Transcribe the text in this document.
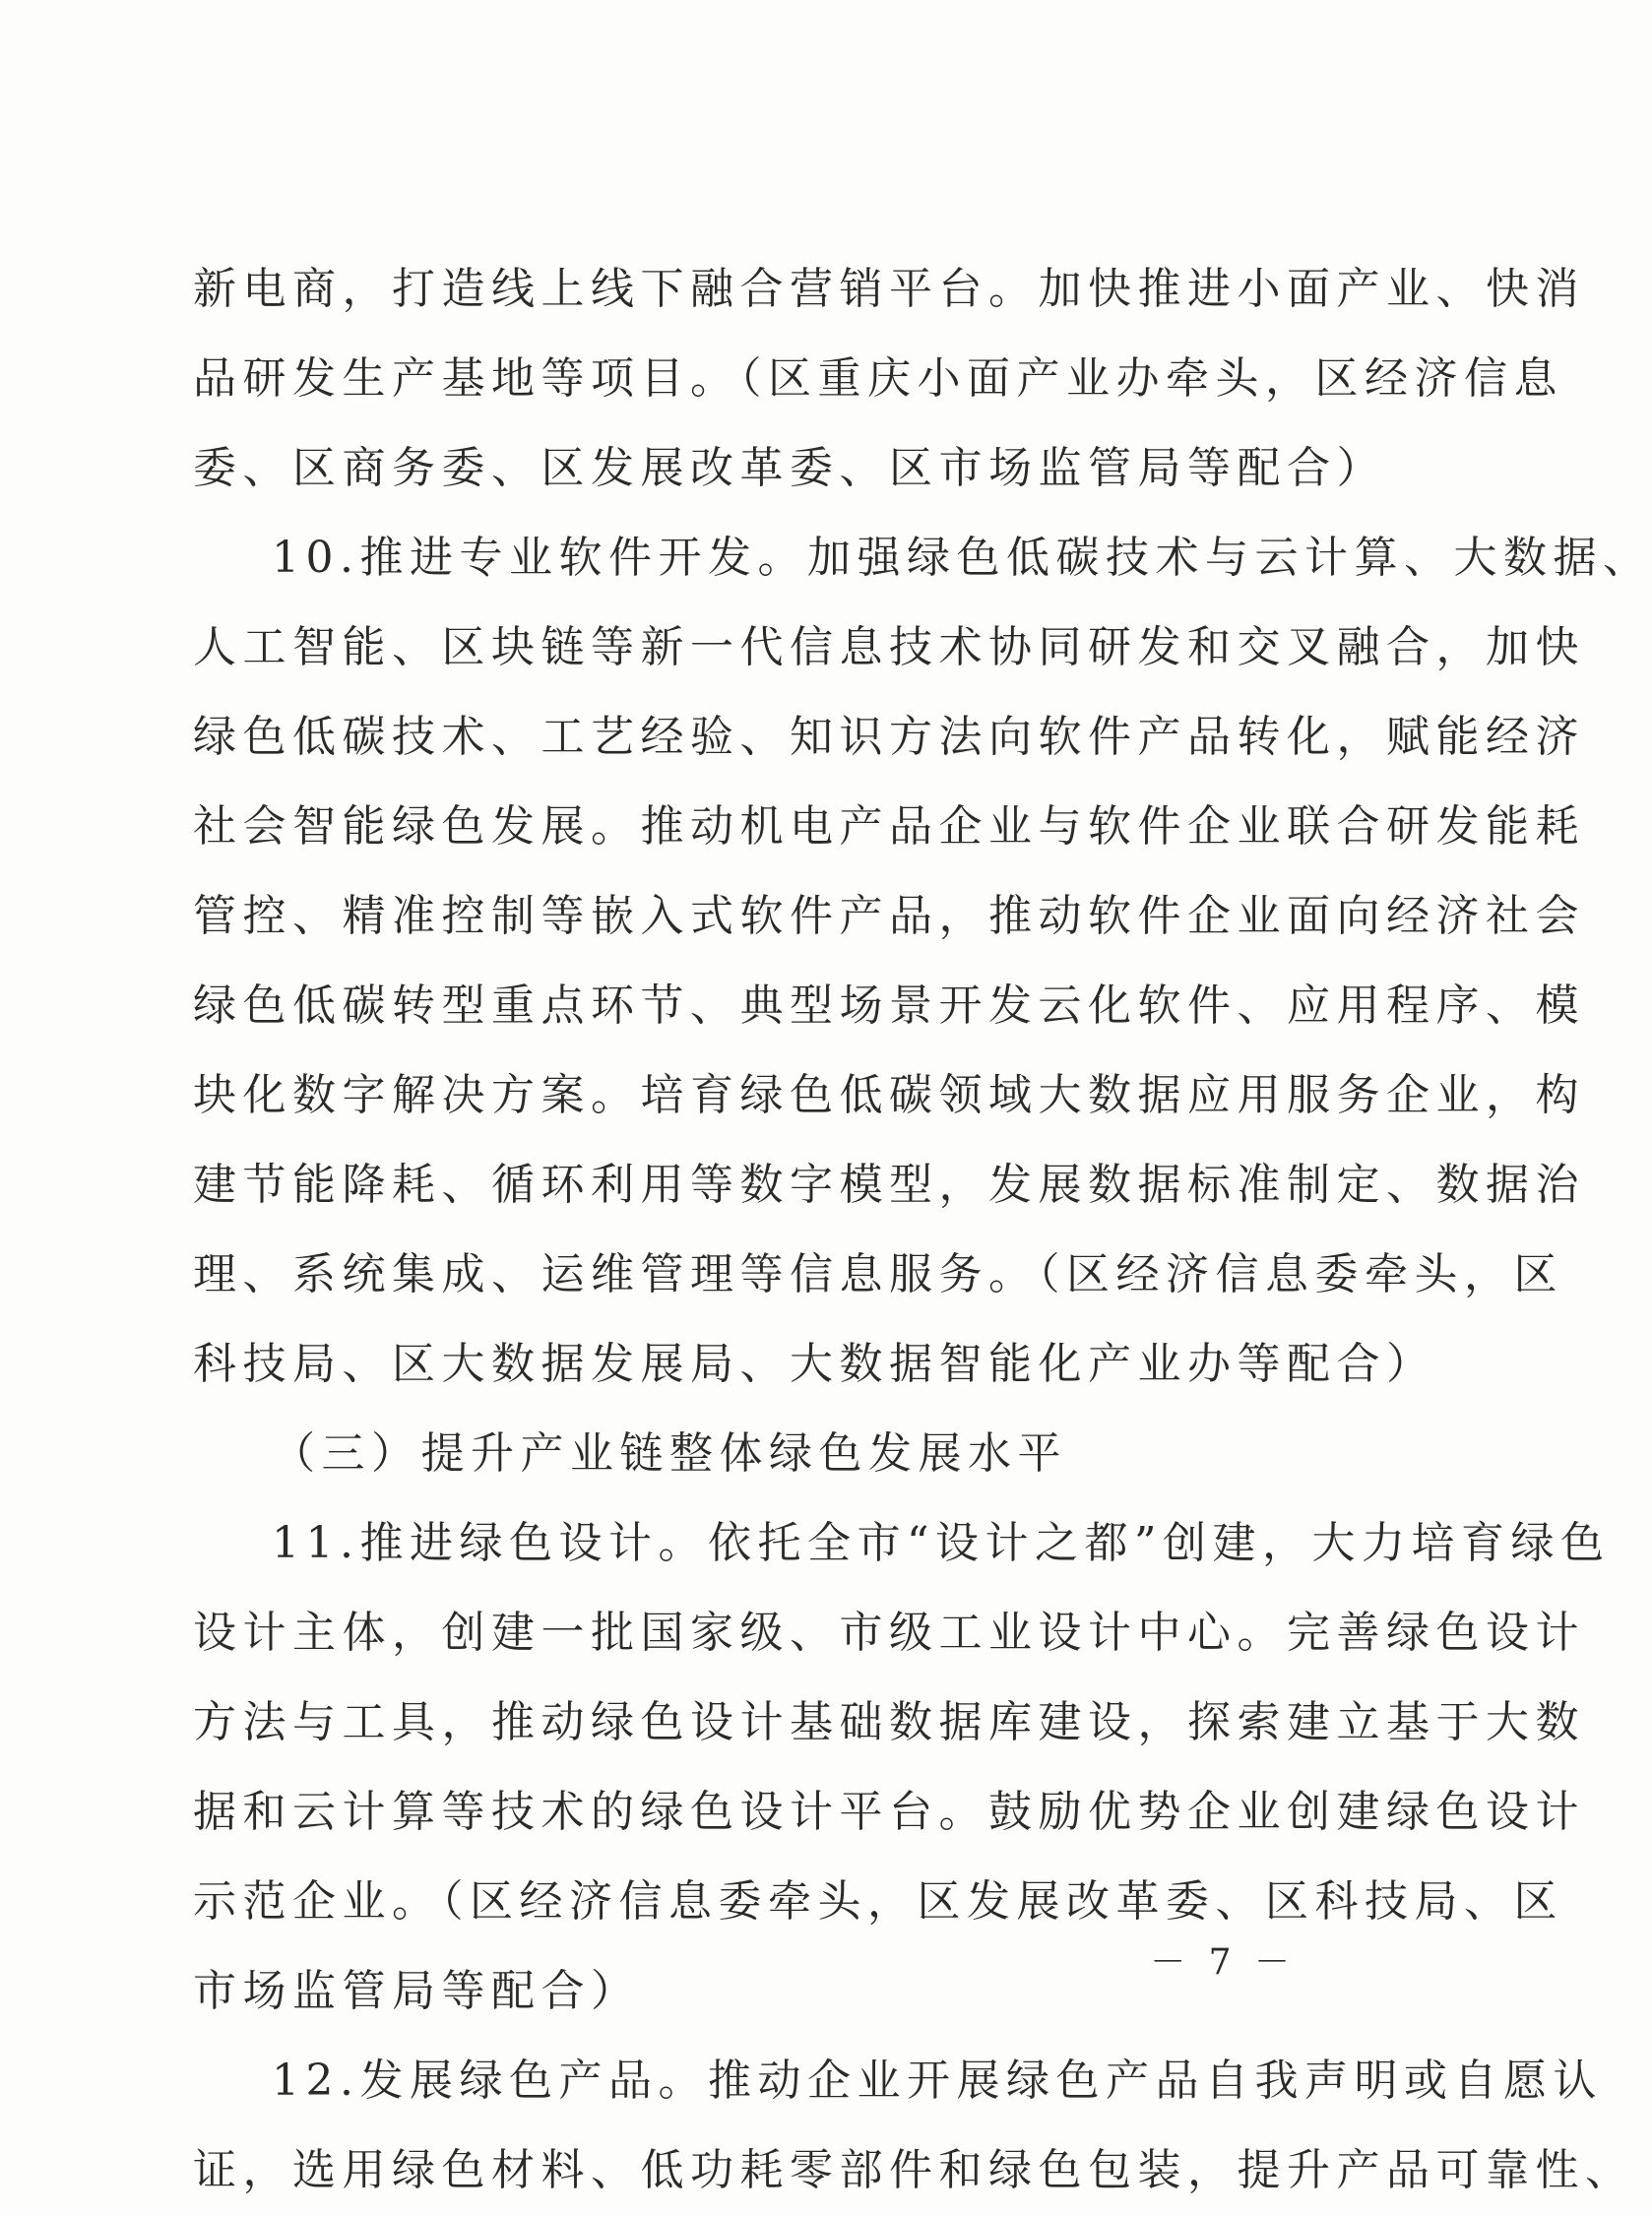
新电商，打造线上线下融合营销平台。加快推进小面产业、快消
品研发生产基地等项目。（区重庆小面产业办牵头，区经济信息
委、区商务委、区发展改革委、区市场监管局等配合）
10.推进专业软件开发。加强绿色低碳技术与云计算、大数据、
人工智能、区块链等新一代信息技术协同研发和交叉融合，加快
绿色低碳技术、工艺经验、知识方法向软件产品转化，赋能经济
社会智能绿色发展。推动机电产品企业与软件企业联合研发能耗
管控、精准控制等嵌入式软件产品，推动软件企业面向经济社会
绿色低碳转型重点环节、典型场景开发云化软件、应用程序、模
块化数字解决方案。培育绿色低碳领域大数据应用服务企业，构
建节能降耗、循环利用等数字模型，发展数据标准制定、数据治
理、系统集成、运维管理等信息服务。（区经济信息委牵头，区
科技局、区大数据发展局、大数据智能化产业办等配合）
（三）提升产业链整体绿色发展水平
11.推进绿色设计。依托全市“设计之都”创建，大力培育绿色
设计主体，创建一批国家级、市级工业设计中心。完善绿色设计
方法与工具，推动绿色设计基础数据库建设，探索建立基于大数
据和云计算等技术的绿色设计平台。鼓励优势企业创建绿色设计
示范企业。（区经济信息委牵头，区发展改革委、区科技局、区
市场监管局等配合）
12.发展绿色产品。推动企业开展绿色产品自我声明或自愿认
证，选用绿色材料、低功耗零部件和绿色包装，提升产品可靠性、
－ 7 －
